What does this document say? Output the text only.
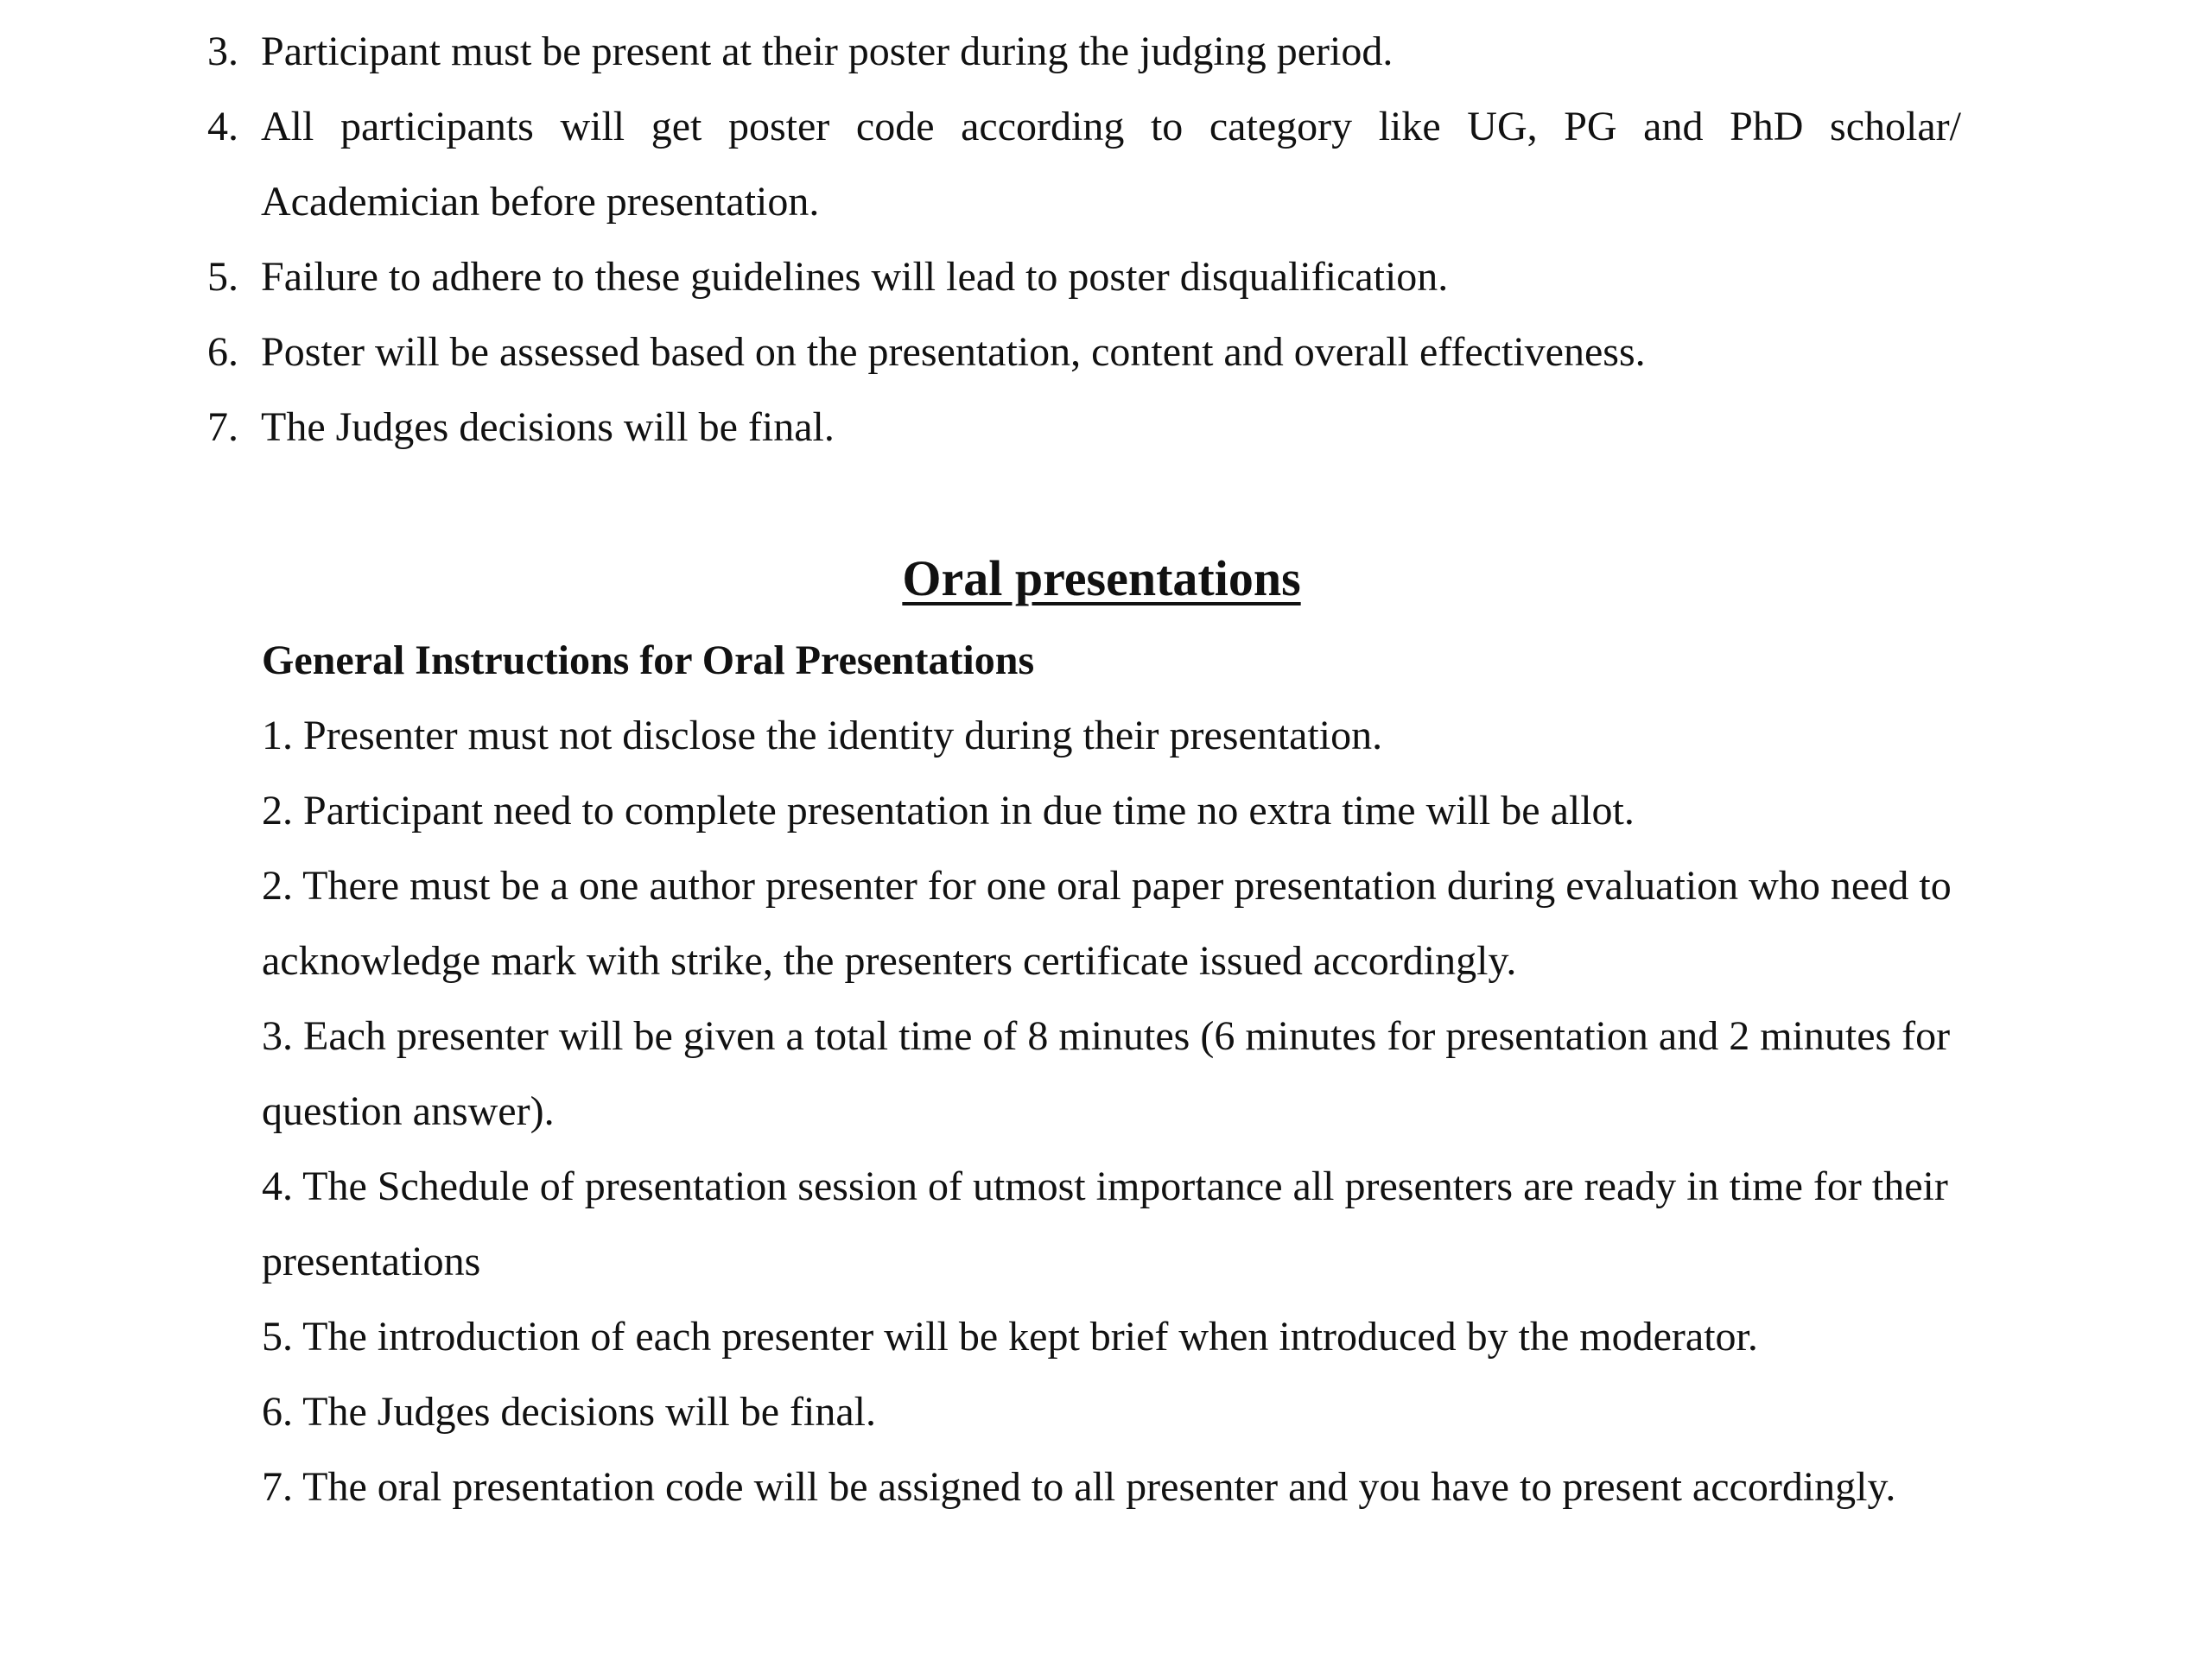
3. Participant must be present at their poster during the judging period.
4. All participants will get poster code according to category like UG, PG and PhD scholar/ Academician before presentation.
5. Failure to adhere to these guidelines will lead to poster disqualification.
6. Poster will be assessed based on the presentation, content and overall effectiveness.
7. The Judges decisions will be final.
Oral presentations

General Instructions for Oral Presentations

1. Presenter must not disclose the identity during their presentation.

2. Participant need to complete presentation in due time no extra time will be allot.

2. There must be a one author presenter for one oral paper presentation during evaluation who need to acknowledge mark with strike, the presenters certificate issued accordingly.

3. Each presenter will be given a total time of 8 minutes (6 minutes for presentation and 2 minutes for question answer).

4. The Schedule of presentation session of utmost importance all presenters are ready in time for their presentations

5. The introduction of each presenter will be kept brief when introduced by the moderator.

6. The Judges decisions will be final.

7. The oral presentation code will be assigned to all presenter and you have to present accordingly.
